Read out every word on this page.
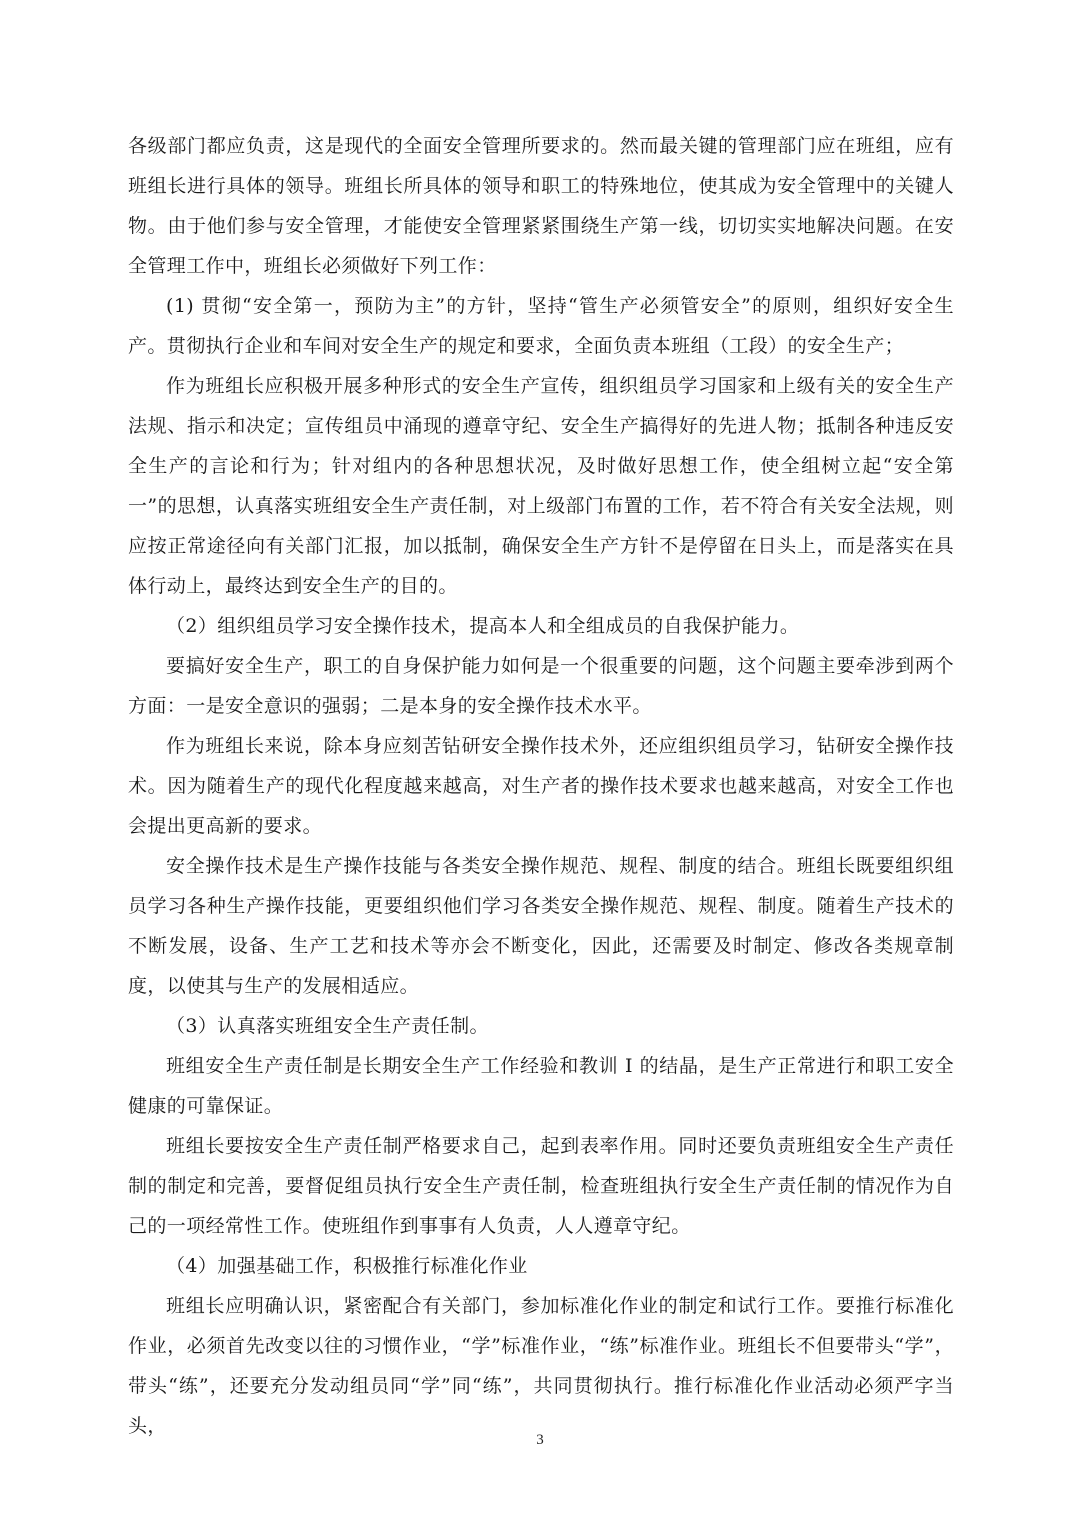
各级部门都应负责，这是现代的全面安全管理所要求的。然而最关键的管理部门应在班组，应有班组长进行具体的领导。班组长所具体的领导和职工的特殊地位，使其成为安全管理中的关键人物。由于他们参与安全管理，才能使安全管理紧紧围绕生产第一线，切切实实地解决问题。在安全管理工作中，班组长必须做好下列工作：

(1) 贯彻“安全第一，预防为主”的方针，坚持“管生产必须管安全”的原则，组织好安全生产。贯彻执行企业和车间对安全生产的规定和要求，全面负责本班组（工段）的安全生产；

作为班组长应积极开展多种形式的安全生产宣传，组织组员学习国家和上级有关的安全生产法规、指示和决定；宣传组员中涌现的遵章守纪、安全生产搞得好的先进人物；抵制各种违反安全生产的言论和行为；针对组内的各种思想状况，及时做好思想工作，使全组树立起“安全第一”的思想，认真落实班组安全生产责任制，对上级部门布置的工作，若不符合有关安全法规，则应按正常途径向有关部门汇报，加以抵制，确保安全生产方针不是停留在日头上，而是落实在具体行动上，最终达到安全生产的目的。

（2）组织组员学习安全操作技术，提高本人和全组成员的自我保护能力。

要搞好安全生产，职工的自身保护能力如何是一个很重要的问题，这个问题主要牵涉到两个方面：一是安全意识的强弱；二是本身的安全操作技术水平。

作为班组长来说，除本身应刻苦钻研安全操作技术外，还应组织组员学习，钻研安全操作技术。因为随着生产的现代化程度越来越高，对生产者的操作技术要求也越来越高，对安全工作也会提出更高新的要求。

安全操作技术是生产操作技能与各类安全操作规范、规程、制度的结合。班组长既要组织组员学习各种生产操作技能，更要组织他们学习各类安全操作规范、规程、制度。随着生产技术的不断发展，设备、生产工艺和技术等亦会不断变化，因此，还需要及时制定、修改各类规章制度，以使其与生产的发展相适应。

（3）认真落实班组安全生产责任制。

班组安全生产责任制是长期安全生产工作经验和教训 I 的结晶，是生产正常进行和职工安全健康的可靠保证。

班组长要按安全生产责任制严格要求自己，起到表率作用。同时还要负责班组安全生产责任制的制定和完善，要督促组员执行安全生产责任制，检查班组执行安全生产责任制的情况作为自己的一项经常性工作。使班组作到事事有人负责，人人遵章守纪。

（4）加强基础工作，积极推行标准化作业

班组长应明确认识，紧密配合有关部门，参加标准化作业的制定和试行工作。要推行标准化作业，必须首先改变以往的习惯作业，“学”标准作业，“练”标准作业。班组长不但要带头“学”，带头“练”，还要充分发动组员同“学”同“练”，共同贯彻执行。推行标准化作业活动必须严字当头，

3
